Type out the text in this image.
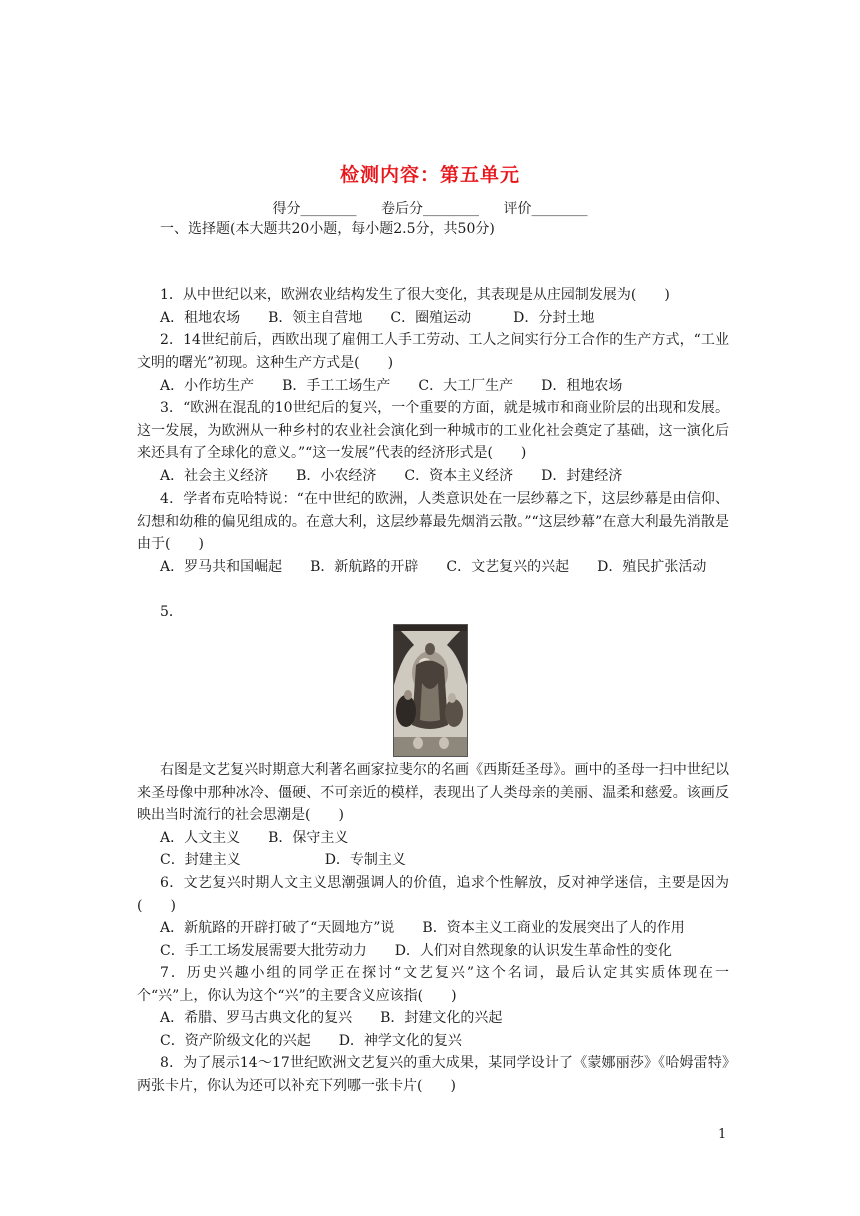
检测内容：第五单元
得分________ 卷后分________ 评价________
一、选择题(本大题共20小题，每小题2.5分，共50分)
1．从中世纪以来，欧洲农业结构发生了很大变化，其表现是从庄园制发展为(　　)
A．租地农场　　B．领主自营地　　C．圈殖运动　　　D．分封土地
2．14世纪前后，西欧出现了雇佣工人手工劳动、工人之间实行分工合作的生产方式，“工业文明的曙光”初现。这种生产方式是(　　)
A．小作坊生产　　B．手工工场生产　　C．大工厂生产　　D．租地农场
3．“欧洲在混乱的10世纪后的复兴，一个重要的方面，就是城市和商业阶层的出现和发展。这一发展，为欧洲从一种乡村的农业社会演化到一种城市的工业化社会奠定了基础，这一演化后来还具有了全球化的意义。”“这一发展”代表的经济形式是(　　)
A．社会主义经济　　B．小农经济　　C．资本主义经济　　D．封建经济
4．学者布克哈特说：“在中世纪的欧洲，人类意识处在一层纱幕之下，这层纱幕是由信仰、幻想和幼稚的偏见组成的。在意大利，这层纱幕最先烟消云散。”“这层纱幕”在意大利最先消散是由于(　　)
A．罗马共和国崛起　　B．新航路的开辟　　C．文艺复兴的兴起　　D．殖民扩张活动
5．
右图是文艺复兴时期意大利著名画家拉斐尔的名画《西斯廷圣母》。画中的圣母一扫中世纪以来圣母像中那种冰冷、僵硬、不可亲近的模样，表现出了人类母亲的美丽、温柔和慈爱。该画反映出当时流行的社会思潮是(　　)
A．人文主义　　B．保守主义
C．封建主义　　　　　　D．专制主义
6．文艺复兴时期人文主义思潮强调人的价值，追求个性解放，反对神学迷信，主要是因为(　　)
A．新航路的开辟打破了“天圆地方”说　　B．资本主义工商业的发展突出了人的作用
C．手工工场发展需要大批劳动力　　D．人们对自然现象的认识发生革命性的变化
7．历史兴趣小组的同学正在探讨“文艺复兴”这个名词，最后认定其实质体现在一个“兴”上，你认为这个“兴”的主要含义应该指(　　)
A．希腊、罗马古典文化的复兴　　B．封建文化的兴起
C．资产阶级文化的兴起　　D．神学文化的复兴
8．为了展示14～17世纪欧洲文艺复兴的重大成果，某同学设计了《蒙娜丽莎》《哈姆雷特》两张卡片，你认为还可以补充下列哪一张卡片(　　)
1
